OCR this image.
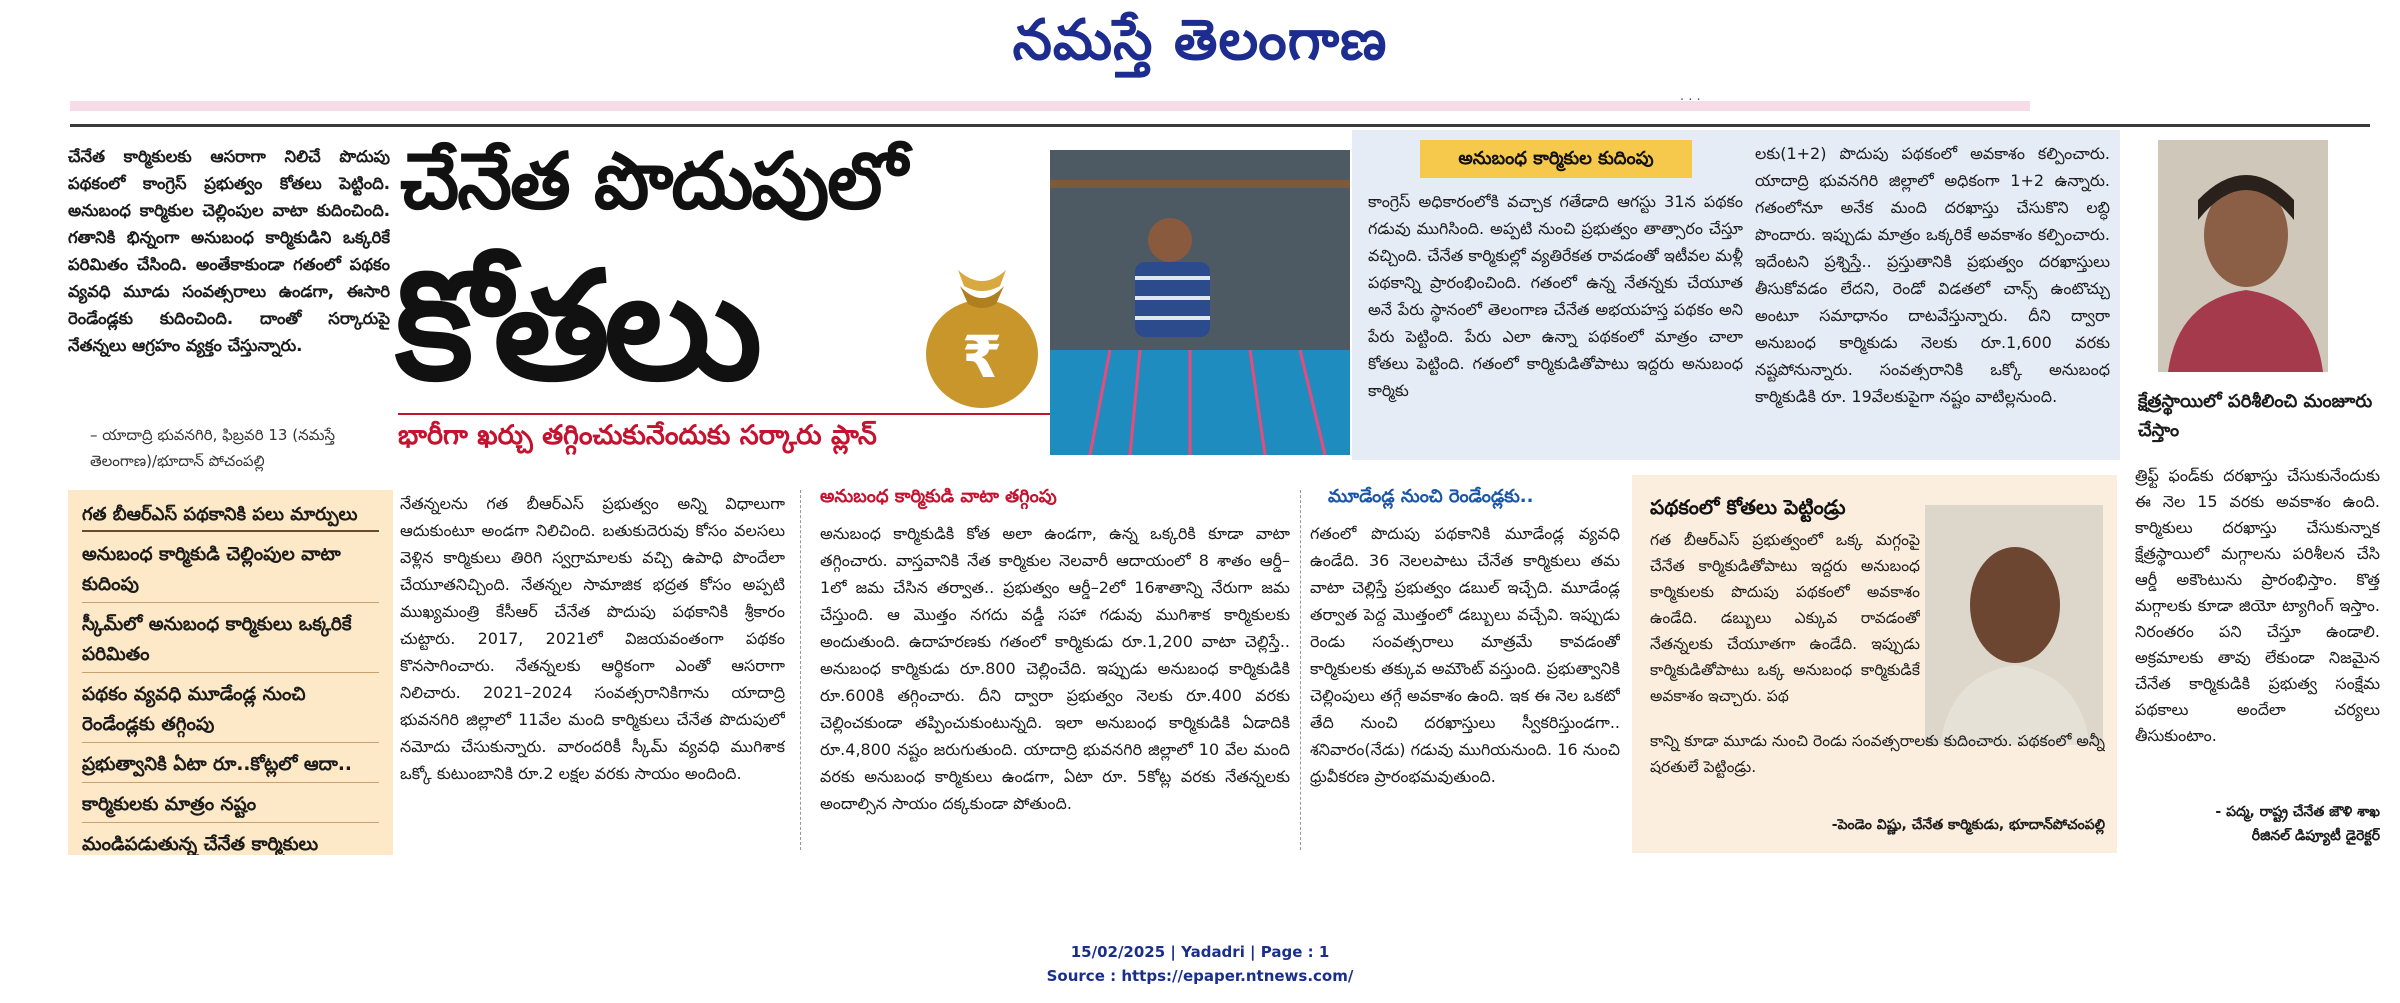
నమస్తే తెలంగాణ
· · ·
చేనేత కార్మికులకు ఆసరాగా నిలిచే పొదుపు పథకంలో కాంగ్రెస్ ప్రభుత్వం కోతలు పెట్టింది. అనుబంధ కార్మికుల చెల్లింపుల వాటా కుదించింది. గతానికి భిన్నంగా అనుబంధ కార్మికుడిని ఒక్కరికే పరిమితం చేసింది. అంతేకాకుండా గతంలో పథకం వ్యవధి మూడు సంవత్సరాలు ఉండగా, ఈసారి రెండేండ్లకు కుదించింది. దాంతో సర్కారుపై నేతన్నలు ఆగ్రహం వ్యక్తం చేస్తున్నారు.
– యాదాద్రి భువనగిరి, ఫిబ్రవరి 13 (నమస్తే తెలంగాణ)/భూదాన్ పోచంపల్లి
చేనేత పొదుపులో
కోతలు	₹
భారీగా ఖర్చు తగ్గించుకునేందుకు సర్కారు ప్లాన్
అనుబంధ కార్మికుల కుదింపు

కాంగ్రెస్ అధికారంలోకి వచ్చాక గతేడాది ఆగస్టు 31న పథకం గడువు ముగిసింది. అప్పటి నుంచి ప్రభుత్వం తాత్సారం చేస్తూ వచ్చింది. చేనేత కార్మికుల్లో వ్యతిరేకత రావడంతో ఇటీవల మళ్లీ పథకాన్ని ప్రారంభించింది. గతంలో ఉన్న నేతన్నకు చేయూత అనే పేరు స్థానంలో తెలంగాణ చేనేత అభయహస్త పథకం అని పేరు పెట్టింది. పేరు ఎలా ఉన్నా పథకంలో మాత్రం చాలా కోతలు పెట్టింది. గతంలో కార్మికుడితోపాటు ఇద్దరు అనుబంధ కార్మికు

లకు(1+2) పొదుపు పథకంలో అవకాశం కల్పించారు. యాదాద్రి భువనగిరి జిల్లాలో అధికంగా 1+2 ఉన్నారు. గతంలోనూ అనేక మంది దరఖాస్తు చేసుకొని లబ్ధి పొందారు. ఇప్పుడు మాత్రం ఒక్కరికే అవకాశం కల్పించారు. ఇదేంటని ప్రశ్నిస్తే.. ప్రస్తుతానికి ప్రభుత్వం దరఖాస్తులు తీసుకోవడం లేదని, రెండో విడతలో చాన్స్ ఉంటొచ్చు అంటూ సమాధానం దాటవేస్తున్నారు. దీని ద్వారా అనుబంధ కార్మికుడు నెలకు రూ.1,600 వరకు నష్టపోనున్నారు. సంవత్సరానికి ఒక్కో అనుబంధ కార్మికుడికి రూ. 19వేలకుపైగా నష్టం వాటిల్లనుంది.	క్షేత్రస్థాయిలో పరిశీలించి మంజూరు చేస్తాం

త్రిఫ్ట్ ఫండ్‌కు దరఖాస్తు చేసుకునేందుకు ఈ నెల 15 వరకు అవకాశం ఉంది. కార్మికులు దరఖాస్తు చేసుకున్నాక క్షేత్రస్థాయిలో మగ్గాలను పరిశీలన చేసి ఆర్డీ అకౌంటును ప్రారంభిస్తాం. కొత్త మగ్గాలకు కూడా జియో ట్యాగింగ్ ఇస్తాం. నిరంతరం పని చేస్తూ ఉండాలి. అక్రమాలకు తావు లేకుండా నిజమైన చేనేత కార్మికుడికి ప్రభుత్వ సంక్షేమ పథకాలు అందేలా చర్యలు తీసుకుంటాం.

- పద్మ, రాష్ట్ర చేనేత జౌళి శాఖ
రీజినల్ డిప్యూటీ డైరెక్టర్
గత బీఆర్ఎస్ పథకానికి పలు మార్పులు
అనుబంధ కార్మికుడి చెల్లింపుల వాటా కుదింపు
స్కీమ్‌లో అనుబంధ కార్మికులు ఒక్కరికే పరిమితం
పథకం వ్యవధి మూడేండ్ల నుంచి రెండేండ్లకు తగ్గింపు
ప్రభుత్వానికి ఏటా రూ..కోట్లలో ఆదా..
కార్మికులకు మాత్రం నష్టం
మండిపడుతున్న చేనేత కార్మికులు

నేతన్నలను గత బీఆర్ఎస్ ప్రభుత్వం అన్ని విధాలుగా ఆదుకుంటూ అండగా నిలిచింది. బతుకుదెరువు కోసం వలసలు వెళ్లిన కార్మికులు తిరిగి స్వగ్రామాలకు వచ్చి ఉపాధి పొందేలా చేయూతనిచ్చింది. నేతన్నల సామాజిక భద్రత కోసం అప్పటి ముఖ్యమంత్రి కేసీఆర్ చేనేత పొదుపు పథకానికి శ్రీకారం చుట్టారు. 2017, 2021లో విజయవంతంగా పథకం కొనసాగించారు. నేతన్నలకు ఆర్థికంగా ఎంతో ఆసరాగా నిలిచారు. 2021–2024 సంవత్సరానికిగాను యాదాద్రి భువనగిరి జిల్లాలో 11వేల మంది కార్మికులు చేనేత పొదుపులో నమోదు చేసుకున్నారు. వారందరికీ స్కీమ్ వ్యవధి ముగిశాక ఒక్కో కుటుంబానికి రూ.2 లక్షల వరకు సాయం అందింది.

అనుబంధ కార్మికుడి వాటా తగ్గింపు

అనుబంధ కార్మికుడికి కోత అలా ఉండగా, ఉన్న ఒక్కరికి కూడా వాటా తగ్గించారు. వాస్తవానికి నేత కార్మికుల నెలవారీ ఆదాయంలో 8 శాతం ఆర్డీ–1లో జమ చేసిన తర్వాత.. ప్రభుత్వం ఆర్డీ–2లో 16శాతాన్ని నేరుగా జమ చేస్తుంది. ఆ మొత్తం నగదు వడ్డీ సహా గడువు ముగిశాక కార్మికులకు అందుతుంది. ఉదాహరణకు గతంలో కార్మికుడు రూ.1,200 వాటా చెల్లిస్తే.. అనుబంధ కార్మికుడు రూ.800 చెల్లించేది. ఇప్పుడు అనుబంధ కార్మికుడికి రూ.600కి తగ్గించారు. దీని ద్వారా ప్రభుత్వం నెలకు రూ.400 వరకు చెల్లించకుండా తప్పించుకుంటున్నది. ఇలా అనుబంధ కార్మికుడికి ఏడాదికి రూ.4,800 నష్టం జరుగుతుంది. యాదాద్రి భువనగిరి జిల్లాలో 10 వేల మంది వరకు అనుబంధ కార్మికులు ఉండగా, ఏటా రూ. 5కోట్ల వరకు నేతన్నలకు అందాల్సిన సాయం దక్కకుండా పోతుంది.

మూడేండ్ల నుంచి రెండేండ్లకు..

గతంలో పొదుపు పథకానికి మూడేండ్ల వ్యవధి ఉండేది. 36 నెలలపాటు చేనేత కార్మికులు తమ వాటా చెల్లిస్తే ప్రభుత్వం డబుల్ ఇచ్చేది. మూడేండ్ల తర్వాత పెద్ద మొత్తంలో డబ్బులు వచ్చేవి. ఇప్పుడు రెండు సంవత్సరాలు మాత్రమే కావడంతో కార్మికులకు తక్కువ అమౌంట్ వస్తుంది. ప్రభుత్వానికి చెల్లింపులు తగ్గే అవకాశం ఉంది. ఇక ఈ నెల ఒకటో తేది నుంచి దరఖాస్తులు స్వీకరిస్తుండగా.. శనివారం(నేడు) గడువు ముగియనుంది. 16 నుంచి ధ్రువీకరణ ప్రారంభమవుతుంది.

పథకంలో కోతలు పెట్టిండ్రు

గత బీఆర్ఎస్ ప్రభుత్వంలో ఒక్క మగ్గంపై చేనేత కార్మికుడితోపాటు ఇద్దరు అనుబంధ కార్మికులకు పొదుపు పథకంలో అవకాశం ఉండేది. డబ్బులు ఎక్కువ రావడంతో నేతన్నలకు చేయూతగా ఉండేది. ఇప్పుడు కార్మికుడితోపాటు ఒక్క అనుబంధ కార్మికుడికే అవకాశం ఇచ్చారు. పథ

కాన్ని కూడా మూడు నుంచి రెండు సంవత్సరాలకు కుదించారు. పథకంలో అన్నీ షరతులే పెట్టిండ్రు.

-పెండెం విష్ణు, చేనేత కార్మికుడు, భూదాన్‌పోచంపల్లి
15/02/2025 | Yadadri | Page : 1
Source : https://epaper.ntnews.com/
